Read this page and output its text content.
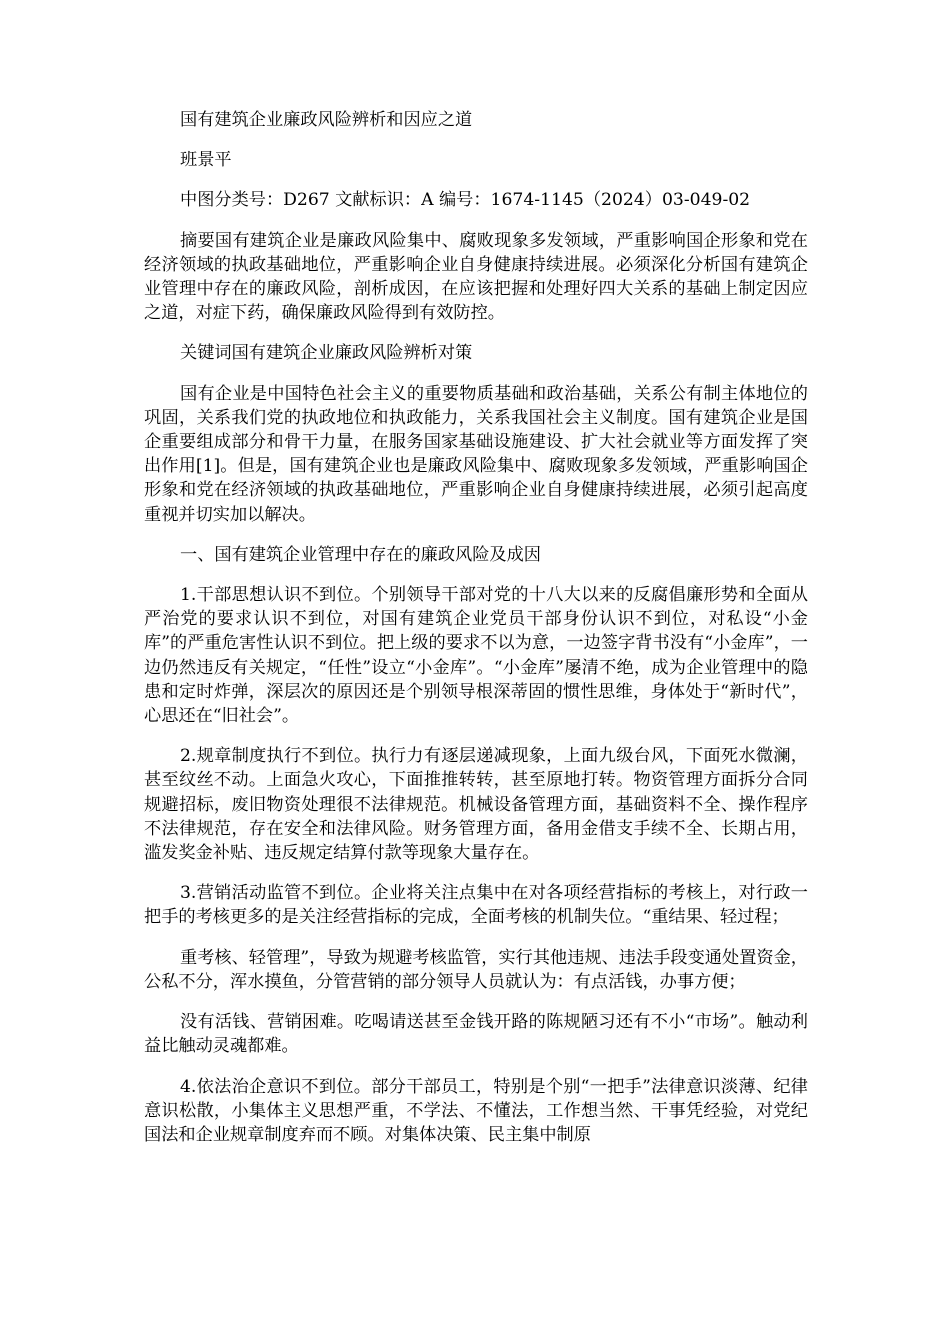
国有建筑企业廉政风险辨析和因应之道

班景平

中图分类号：D267 文献标识：A 编号：1674-1145（2024）03-049-02

摘要国有建筑企业是廉政风险集中、腐败现象多发领域，严重影响国企形象和党在经济领域的执政基础地位，严重影响企业自身健康持续进展。必须深化分析国有建筑企业管理中存在的廉政风险，剖析成因，在应该把握和处理好四大关系的基础上制定因应之道，对症下药，确保廉政风险得到有效防控。

关键词国有建筑企业廉政风险辨析对策

国有企业是中国特色社会主义的重要物质基础和政治基础，关系公有制主体地位的巩固，关系我们党的执政地位和执政能力，关系我国社会主义制度。国有建筑企业是国企重要组成部分和骨干力量，在服务国家基础设施建设、扩大社会就业等方面发挥了突出作用[1]。但是，国有建筑企业也是廉政风险集中、腐败现象多发领域，严重影响国企形象和党在经济领域的执政基础地位，严重影响企业自身健康持续进展，必须引起高度重视并切实加以解决。

一、国有建筑企业管理中存在的廉政风险及成因

1.干部思想认识不到位。个别领导干部对党的十八大以来的反腐倡廉形势和全面从严治党的要求认识不到位，对国有建筑企业党员干部身份认识不到位，对私设“小金库”的严重危害性认识不到位。把上级的要求不以为意，一边签字背书没有“小金库”，一边仍然违反有关规定，“任性”设立“小金库”。“小金库”屡清不绝，成为企业管理中的隐患和定时炸弹，深层次的原因还是个别领导根深蒂固的惯性思维，身体处于“新时代”，心思还在“旧社会”。

2.规章制度执行不到位。执行力有逐层递减现象，上面九级台风，下面死水微澜，甚至纹丝不动。上面急火攻心，下面推推转转，甚至原地打转。物资管理方面拆分合同规避招标，废旧物资处理很不法律规范。机械设备管理方面，基础资料不全、操作程序不法律规范，存在安全和法律风险。财务管理方面，备用金借支手续不全、长期占用，滥发奖金补贴、违反规定结算付款等现象大量存在。

3.营销活动监管不到位。企业将关注点集中在对各项经营指标的考核上，对行政一把手的考核更多的是关注经营指标的完成，全面考核的机制失位。“重结果、轻过程；

重考核、轻管理”，导致为规避考核监管，实行其他违规、违法手段变通处置资金，公私不分，浑水摸鱼，分管营销的部分领导人员就认为：有点活钱，办事方便；

没有活钱、营销困难。吃喝请送甚至金钱开路的陈规陋习还有不小“市场”。触动利益比触动灵魂都难。

4.依法治企意识不到位。部分干部员工，特别是个别“一把手”法律意识淡薄、纪律意识松散，小集体主义思想严重，不学法、不懂法，工作想当然、干事凭经验，对党纪国法和企业规章制度弃而不顾。对集体决策、民主集中制原
